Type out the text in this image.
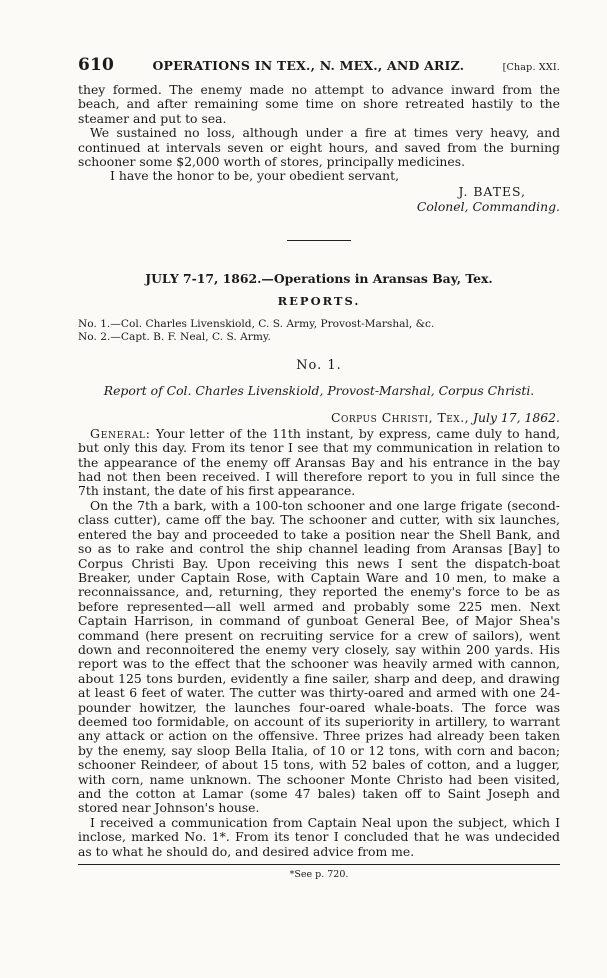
610	OPERATIONS IN TEX., N. MEX., AND ARIZ.	[Chap. XXI.

they formed. The enemy made no attempt to advance inward from the beach, and after remaining some time on shore retreated hastily to the steamer and put to sea.

We sustained no loss, although under a fire at times very heavy, and continued at intervals seven or eight hours, and saved from the burning schooner some $2,000 worth of stores, principally medicines.

I have the honor to be, your obedient servant,

J. BATES,
Colonel, Commanding.
JULY 7-17, 1862.—Operations in Aransas Bay, Tex.
REPORTS.
No. 1.—Col. Charles Livenskiold, C. S. Army, Provost-Marshal, &c.
No. 2.—Capt. B. F. Neal, C. S. Army.
No. 1.
Report of Col. Charles Livenskiold, Provost-Marshal, Corpus Christi.
Corpus Christi, Tex., July 17, 1862.

General: Your letter of the 11th instant, by express, came duly to hand, but only this day. From its tenor I see that my communication in relation to the appearance of the enemy off Aransas Bay and his entrance in the bay had not then been received. I will therefore report to you in full since the 7th instant, the date of his first appearance.

On the 7th a bark, with a 100-ton schooner and one large frigate (second-class cutter), came off the bay. The schooner and cutter, with six launches, entered the bay and proceeded to take a position near the Shell Bank, and so as to rake and control the ship channel leading from Aransas [Bay] to Corpus Christi Bay. Upon receiving this news I sent the dispatch-boat Breaker, under Captain Rose, with Captain Ware and 10 men, to make a reconnaissance, and, returning, they reported the enemy's force to be as before represented—all well armed and probably some 225 men. Next Captain Harrison, in command of gunboat General Bee, of Major Shea's command (here present on recruiting service for a crew of sailors), went down and reconnoitered the enemy very closely, say within 200 yards. His report was to the effect that the schooner was heavily armed with cannon, about 125 tons burden, evidently a fine sailer, sharp and deep, and drawing at least 6 feet of water. The cutter was thirty-oared and armed with one 24-pounder howitzer, the launches four-oared whale-boats. The force was deemed too formidable, on account of its superiority in artillery, to warrant any attack or action on the offensive. Three prizes had already been taken by the enemy, say sloop Bella Italia, of 10 or 12 tons, with corn and bacon; schooner Reindeer, of about 15 tons, with 52 bales of cotton, and a lugger, with corn, name unknown. The schooner Monte Christo had been visited, and the cotton at Lamar (some 47 bales) taken off to Saint Joseph and stored near Johnson's house.

I received a communication from Captain Neal upon the subject, which I inclose, marked No. 1*. From its tenor I concluded that he was undecided as to what he should do, and desired advice from me.

*See p. 720.
